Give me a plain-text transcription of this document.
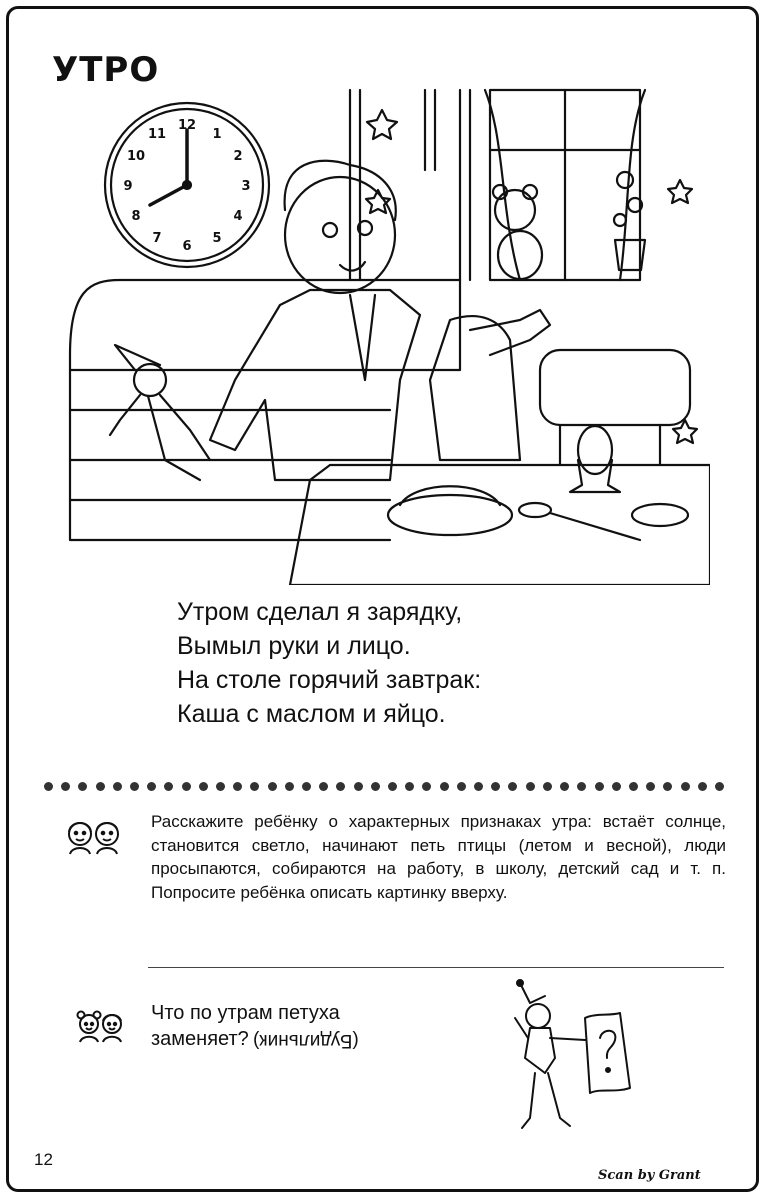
УТРО
12
1
2
3
4
5
6
7
8
9
10
11
Утром сделал я зарядку,
Вымыл руки и лицо.
На столе горячий завтрак:
Каша с маслом и яйцо.
Расскажите ребёнку о характерных признаках утра: встаёт солнце, становится светло, начинают петь птицы (летом и весной), люди просыпаются, собираются на работу, в школу, детский сад и т. п. Попросите ребёнка описать картинку вверху.
Что по утрам петуха
заменяет? (Будильник)
12
Scan by Grant
